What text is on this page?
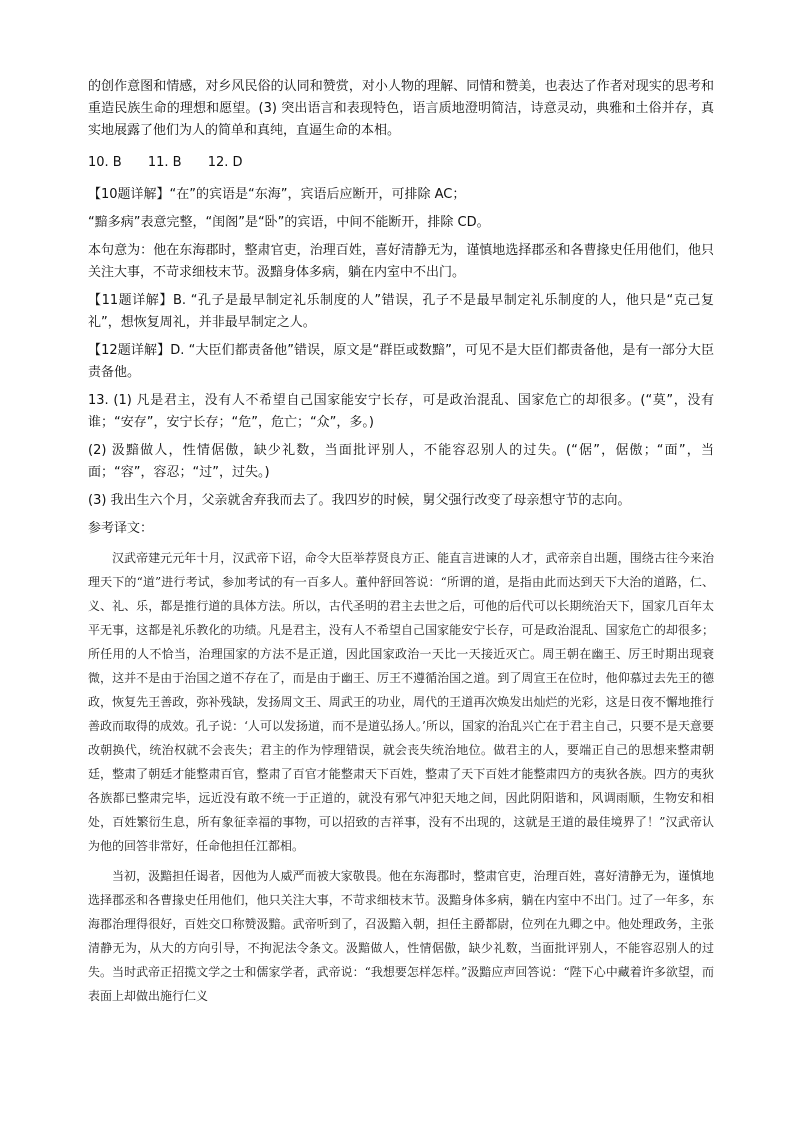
的创作意图和情感，对乡风民俗的认同和赞赏，对小人物的理解、同情和赞美，也表达了作者对现实的思考和重造民族生命的理想和愿望。(3) 突出语言和表现特色，语言质地澄明简洁，诗意灵动，典雅和土俗并存，真实地展露了他们为人的简单和真纯，直逼生命的本相。

10. B 11. B 12. D

【10题详解】“在”的宾语是“东海”，宾语后应断开，可排除 AC；

“黯多病”表意完整，“闺阁”是“卧”的宾语，中间不能断开，排除 CD。

本句意为：他在东海郡时，整肃官吏，治理百姓，喜好清静无为，谨慎地选择郡丞和各曹掾史任用他们，他只关注大事，不苛求细枝末节。汲黯身体多病，躺在内室中不出门。

【11题详解】B. “孔子是最早制定礼乐制度的人”错误，孔子不是最早制定礼乐制度的人，他只是“克己复礼”，想恢复周礼，并非最早制定之人。

【12题详解】D. “大臣们都责备他”错误，原文是“群臣或数黯”，可见不是大臣们都责备他，是有一部分大臣责备他。

13. (1) 凡是君主，没有人不希望自己国家能安宁长存，可是政治混乱、国家危亡的却很多。(“莫”，没有谁；“安存”，安宁长存；“危”，危亡；“众”，多。)

(2) 汲黯做人，性情倨傲，缺少礼数，当面批评别人，不能容忍别人的过失。(“倨”，倨傲；“面”，当面；“容”，容忍；“过”，过失。)

(3) 我出生六个月，父亲就舍弃我而去了。我四岁的时候，舅父强行改变了母亲想守节的志向。

参考译文：

汉武帝建元元年十月，汉武帝下诏，命令大臣举荐贤良方正、能直言进谏的人才，武帝亲自出题，围绕古往今来治理天下的“道”进行考试，参加考试的有一百多人。董仲舒回答说：“所谓的道，是指由此而达到天下大治的道路，仁、义、礼、乐，都是推行道的具体方法。所以，古代圣明的君主去世之后，可他的后代可以长期统治天下，国家几百年太平无事，这都是礼乐教化的功绩。凡是君主，没有人不希望自己国家能安宁长存，可是政治混乱、国家危亡的却很多；所任用的人不恰当，治理国家的方法不是正道，因此国家政治一天比一天接近灭亡。周王朝在幽王、厉王时期出现衰微，这并不是由于治国之道不存在了，而是由于幽王、厉王不遵循治国之道。到了周宣王在位时，他仰慕过去先王的德政，恢复先王善政，弥补残缺，发扬周文王、周武王的功业，周代的王道再次焕发出灿烂的光彩，这是日夜不懈地推行善政而取得的成效。孔子说：‘人可以发扬道，而不是道弘扬人。’所以，国家的治乱兴亡在于君主自己，只要不是天意要改朝换代，统治权就不会丧失；君主的作为悖理错误，就会丧失统治地位。做君主的人，要端正自己的思想来整肃朝廷，整肃了朝廷才能整肃百官，整肃了百官才能整肃天下百姓，整肃了天下百姓才能整肃四方的夷狄各族。四方的夷狄各族都已整肃完毕，远近没有敢不统一于正道的，就没有邪气冲犯天地之间，因此阴阳谐和，风调雨顺，生物安和相处，百姓繁衍生息，所有象征幸福的事物，可以招致的吉祥事，没有不出现的，这就是王道的最佳境界了！”汉武帝认为他的回答非常好，任命他担任江都相。

当初，汲黯担任谒者，因他为人威严而被大家敬畏。他在东海郡时，整肃官吏，治理百姓，喜好清静无为，谨慎地选择郡丞和各曹掾史任用他们，他只关注大事，不苛求细枝末节。汲黯身体多病，躺在内室中不出门。过了一年多，东海郡治理得很好，百姓交口称赞汲黯。武帝听到了，召汲黯入朝，担任主爵都尉，位列在九卿之中。他处理政务，主张清静无为，从大的方向引导，不拘泥法令条文。汲黯做人，性情倨傲，缺少礼数，当面批评别人，不能容忍别人的过失。当时武帝正招揽文学之士和儒家学者，武帝说：“我想要怎样怎样。”汲黯应声回答说：“陛下心中藏着许多欲望，而表面上却做出施行仁义
